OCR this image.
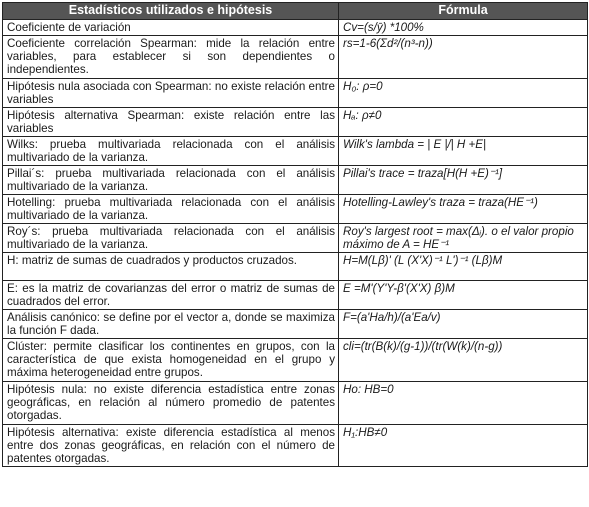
Estadísticos utilizados e hipótesis	Fórmula
Coeficiente de variación	Cv=(s/ȳ) *100%
Coeficiente correlación Spearman: mide la relación entre variables, para establecer si son dependientes o independientes.	rs=1-6(Σd²/(n³-n))
Hipótesis nula asociada con Spearman: no existe relación entre variables	H₀: ρ=0
Hipótesis alternativa Spearman: existe relación entre las variables	Hₐ: ρ≠0
Wilks: prueba multivariada relacionada con el análisis multivariado de la varianza.	Wilk's lambda = | E |/| H +E|
Pillai´s: prueba multivariada relacionada con el análisis multivariado de la varianza.	Pillai's trace = traza[H(H +E)⁻¹]
Hotelling: prueba multivariada relacionada con el análisis multivariado de la varianza.	Hotelling-Lawley's traza = traza(HE⁻¹)
Roy´s: prueba multivariada relacionada con el análisis multivariado de la varianza.	Roy's largest root = max(Δᵢ). o el valor propio máximo de A = HE⁻¹
H: matriz de sumas de cuadrados y productos cruzados.	H=M(Lβ)' (L (X'X)⁻¹ L')⁻¹ (Lβ)M
E: es la matriz de covarianzas del error o matriz de sumas de cuadrados del error.	E =M'(Y'Y-β'(X'X) β)M
Análisis canónico: se define por el vector a, donde se maximiza la función F dada.	F=(a'Ha/h)/(a'Ea/v)
Clúster: permite clasificar los continentes en grupos, con la característica de que exista homogeneidad en el grupo y máxima heterogeneidad entre grupos.	cli=(tr(B(k)/(g-1))/(tr(W(k)/(n-g))
Hipótesis nula: no existe diferencia estadística entre zonas geográficas, en relación al número promedio de patentes otorgadas.	Ho: HB=0
Hipótesis alternativa: existe diferencia estadística al menos entre dos zonas geográficas, en relación con el número de patentes otorgadas.	H₁:HB≠0
